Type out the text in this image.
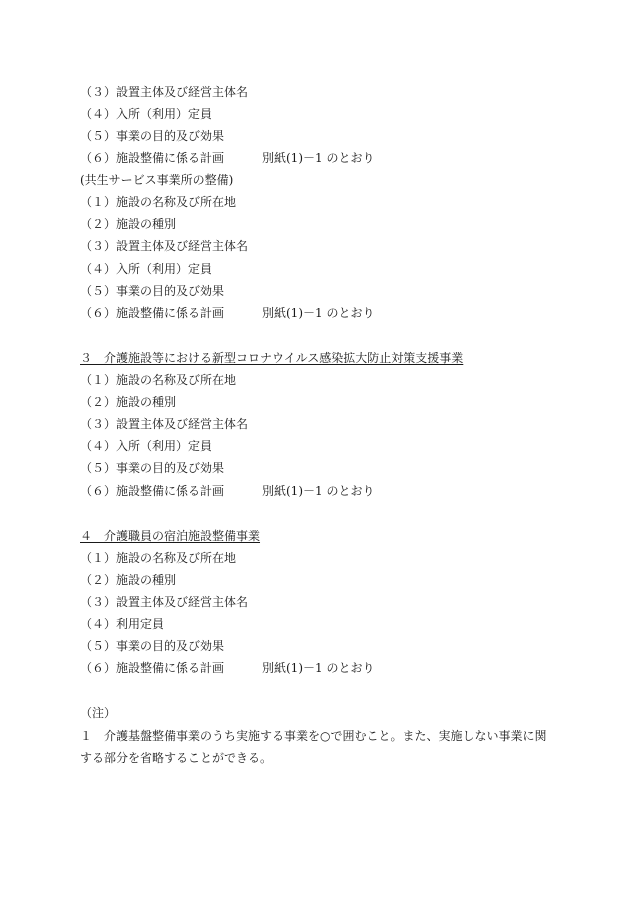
（３）設置主体及び経営主体名
（４）入所（利用）定員
（５）事業の目的及び効果
（６）施設整備に係る計画	別紙(1)－1 のとおり
(共生サービス事業所の整備)
（１）施設の名称及び所在地
（２）施設の種別
（３）設置主体及び経営主体名
（４）入所（利用）定員
（５）事業の目的及び効果
（６）施設整備に係る計画	別紙(1)－1 のとおり
３　介護施設等における新型コロナウイルス感染拡大防止対策支援事業
（１）施設の名称及び所在地
（２）施設の種別
（３）設置主体及び経営主体名
（４）入所（利用）定員
（５）事業の目的及び効果
（６）施設整備に係る計画	別紙(1)－1 のとおり
４　介護職員の宿泊施設整備事業
（１）施設の名称及び所在地
（２）施設の種別
（３）設置主体及び経営主体名
（４）利用定員
（５）事業の目的及び効果
（６）施設整備に係る計画	別紙(1)－1 のとおり
（注）
１　介護基盤整備事業のうち実施する事業を○で囲むこと。また、実施しない事業に関
する部分を省略することができる。
